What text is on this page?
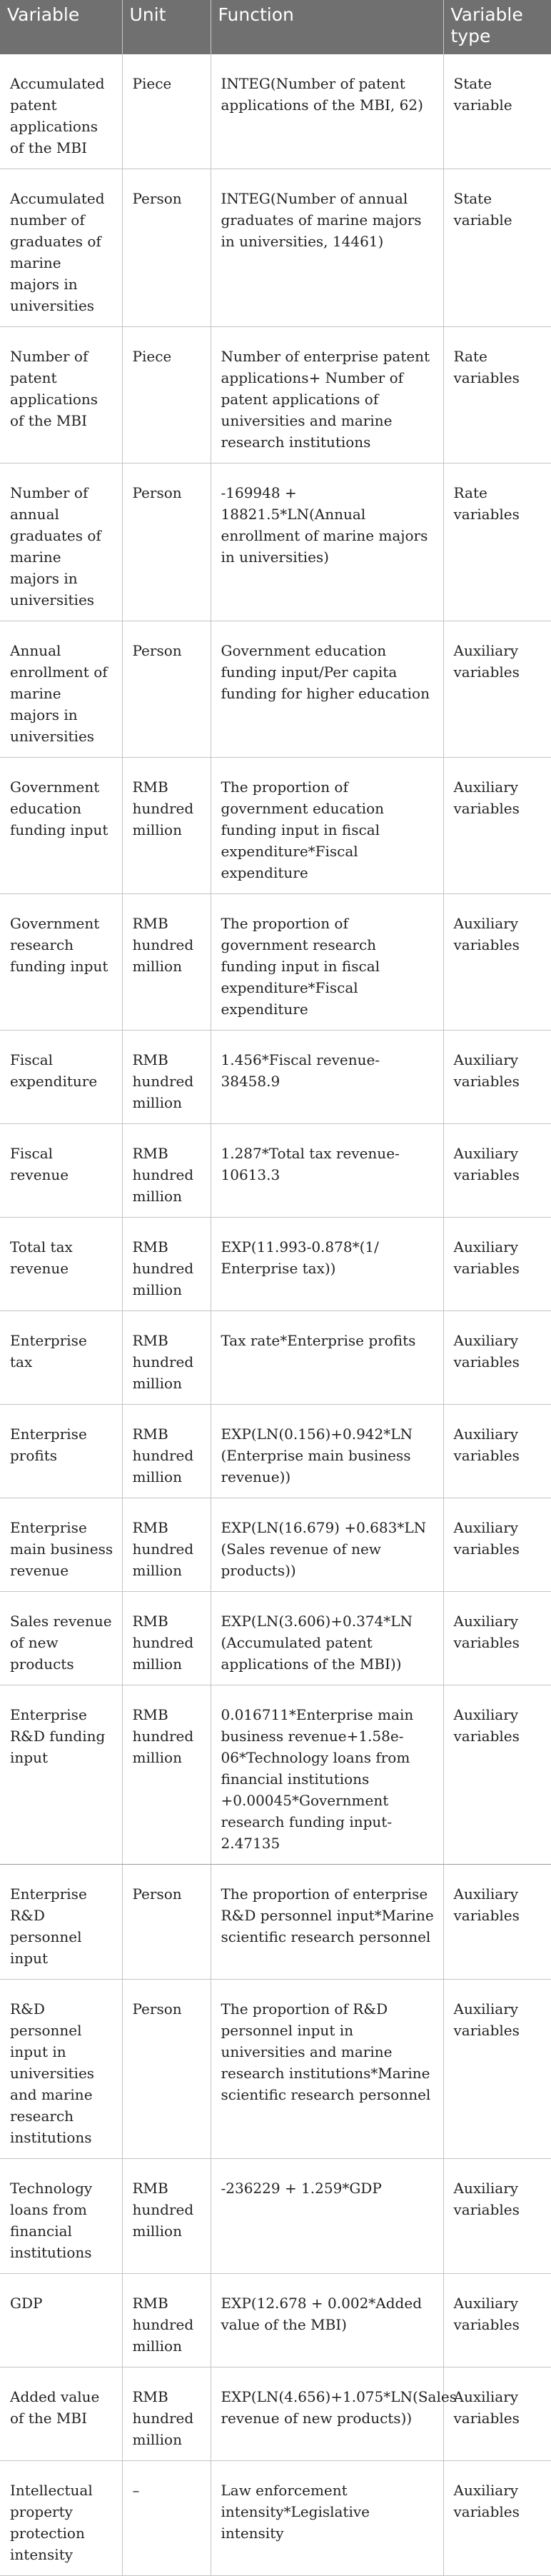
Variable	Unit	Function	Variable type
Accumulated patent applications of the MBI	Piece	INTEG(Number of patent applications of the MBI, 62)	State variable
Accumulated number of graduates of marine majors in universities	Person	INTEG(Number of annual graduates of marine majors in universities, 14461)	State variable
Number of patent applications of the MBI	Piece	Number of enterprise patent applications+ Number of patent applications of universities and marine research institutions	Rate variables
Number of annual graduates of marine majors in universities	Person	-169948 + 18821.5*LN(Annual enrollment of marine majors in universities)	Rate variables
Annual enrollment of marine majors in universities	Person	Government education funding input/Per capita funding for higher education	Auxiliary variables
Government education funding input	RMB hundred million	The proportion of government education funding input in fiscal expenditure*Fiscal expenditure	Auxiliary variables
Government research funding input	RMB hundred million	The proportion of government research funding input in fiscal expenditure*Fiscal expenditure	Auxiliary variables
Fiscal expenditure	RMB hundred million	1.456*Fiscal revenue-38458.9	Auxiliary variables
Fiscal revenue	RMB hundred million	1.287*Total tax revenue-10613.3	Auxiliary variables
Total tax revenue	RMB hundred million	EXP(11.993-0.878*(1/ Enterprise tax))	Auxiliary variables
Enterprise tax	RMB hundred million	Tax rate*Enterprise profits	Auxiliary variables
Enterprise profits	RMB hundred million	EXP(LN(0.156)+0.942*LN (Enterprise main business revenue))	Auxiliary variables
Enterprise main business revenue	RMB hundred million	EXP(LN(16.679) +0.683*LN (Sales revenue of new products))	Auxiliary variables
Sales revenue of new products	RMB hundred million	EXP(LN(3.606)+0.374*LN (Accumulated patent applications of the MBI))	Auxiliary variables
Enterprise R&D funding input	RMB hundred million	0.016711*Enterprise main business revenue+1.58e-06*Technology loans from financial institutions +0.00045*Government research funding input-2.47135	Auxiliary variables
Enterprise R&D personnel input	Person	The proportion of enterprise R&D personnel input*Marine scientific research personnel	Auxiliary variables
R&D personnel input in universities and marine research institutions	Person	The proportion of R&D personnel input in universities and marine research institutions*Marine scientific research personnel	Auxiliary variables
Technology loans from financial institutions	RMB hundred million	-236229 + 1.259*GDP	Auxiliary variables
GDP	RMB hundred million	EXP(12.678 + 0.002*Added value of the MBI)	Auxiliary variables
Added value of the MBI	RMB hundred million	EXP(LN(4.656)+1.075*LN(Sales revenue of new products))	Auxiliary variables
Intellectual property protection intensity	–	Law enforcement intensity*Legislative intensity	Auxiliary variables
